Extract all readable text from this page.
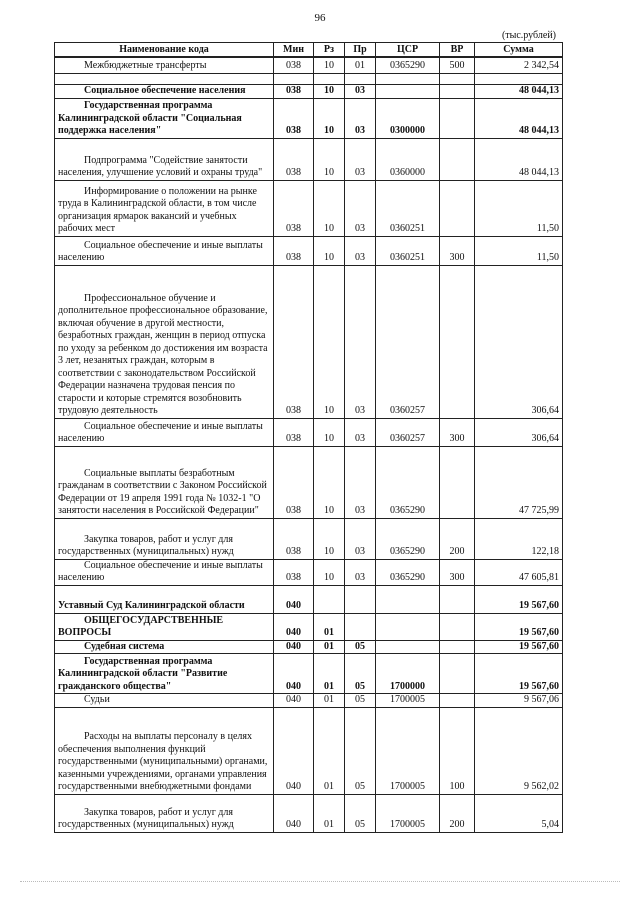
96
(тыс.рублей)
Наименование кода	Мин	Рз	Пр	ЦСР	ВР	Сумма
Межбюджетные трансферты	038	10	01	0365290	500	2 342,54

Социальное обеспечение населения	038	10	03			48 044,13
Государственная программа Калининградской области "Социальная поддержка населения"	038	10	03	0300000		48 044,13
Подпрограмма "Содействие занятости населения, улучшение условий и охраны труда"	038	10	03	0360000		48 044,13
Информирование о положении на рынке труда в Калининградской области, в том числе организация ярмарок вакансий и учебных рабочих мест	038	10	03	0360251		11,50
Социальное обеспечение и иные выплаты населению	038	10	03	0360251	300	11,50
Профессиональное обучение и дополнительное профессиональное образование, включая обучение в другой местности, безработных граждан, женщин в период отпуска по уходу за ребенком до достижения им возраста 3 лет, незанятых граждан, которым в соответствии с законодательством Российской Федерации назначена трудовая пенсия по старости и которые стремятся возобновить трудовую деятельность	038	10	03	0360257		306,64
Социальное обеспечение и иные выплаты населению	038	10	03	0360257	300	306,64
Социальные выплаты безработным гражданам в соответствии с Законом Российской Федерации от 19 апреля 1991 года № 1032-1 "О занятости населения в Российской Федерации"	038	10	03	0365290		47 725,99
Закупка товаров, работ и услуг для государственных (муниципальных) нужд	038	10	03	0365290	200	122,18
Социальное обеспечение и иные выплаты населению	038	10	03	0365290	300	47 605,81
Уставный Суд Калининградской области	040					19 567,60
ОБЩЕГОСУДАРСТВЕННЫЕ ВОПРОСЫ	040	01				19 567,60
Судебная система	040	01	05			19 567,60
Государственная программа Калининградской области "Развитие гражданского общества"	040	01	05	1700000		19 567,60
Судьи	040	01	05	1700005		9 567,06
Расходы на выплаты персоналу в целях обеспечения выполнения функций государственными (муниципальными) органами, казенными учреждениями, органами управления государственными внебюджетными фондами	040	01	05	1700005	100	9 562,02
Закупка товаров, работ и услуг для государственных (муниципальных) нужд	040	01	05	1700005	200	5,04
